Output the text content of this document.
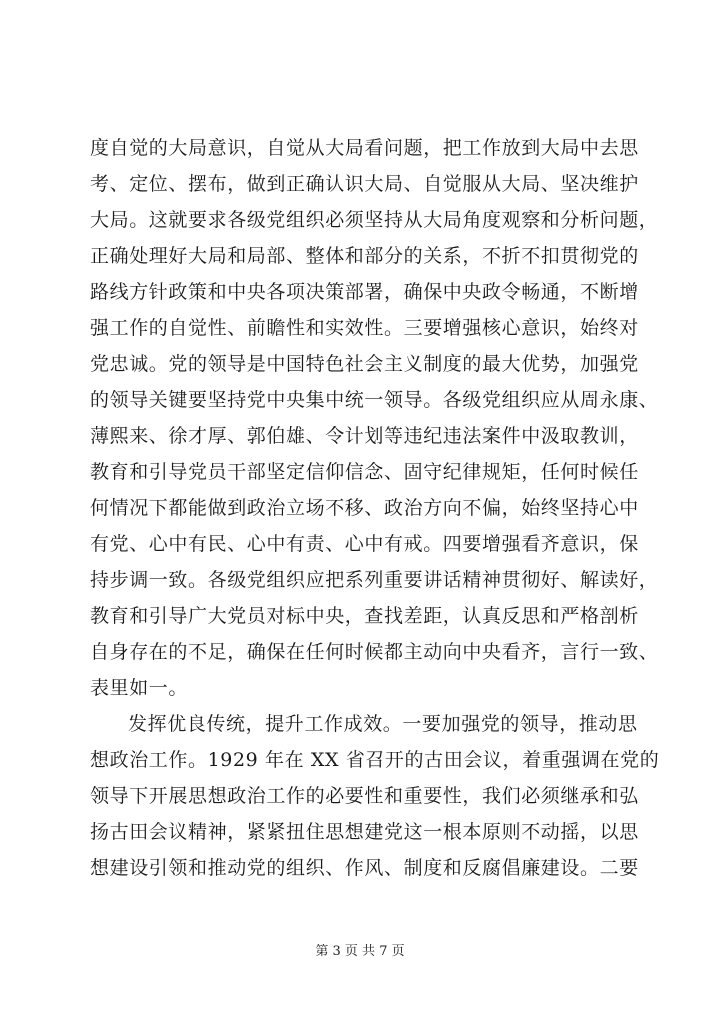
度自觉的大局意识，自觉从大局看问题，把工作放到大局中去思
考、定位、摆布，做到正确认识大局、自觉服从大局、坚决维护
大局。这就要求各级党组织必须坚持从大局角度观察和分析问题，
正确处理好大局和局部、整体和部分的关系，不折不扣贯彻党的
路线方针政策和中央各项决策部署，确保中央政令畅通，不断增
强工作的自觉性、前瞻性和实效性。三要增强核心意识，始终对
党忠诚。党的领导是中国特色社会主义制度的最大优势，加强党
的领导关键要坚持党中央集中统一领导。各级党组织应从周永康、
薄熙来、徐才厚、郭伯雄、令计划等违纪违法案件中汲取教训，
教育和引导党员干部坚定信仰信念、固守纪律规矩，任何时候任
何情况下都能做到政治立场不移、政治方向不偏，始终坚持心中
有党、心中有民、心中有责、心中有戒。四要增强看齐意识，保
持步调一致。各级党组织应把系列重要讲话精神贯彻好、解读好，
教育和引导广大党员对标中央，查找差距，认真反思和严格剖析
自身存在的不足，确保在任何时候都主动向中央看齐，言行一致、
表里如一。
发挥优良传统，提升工作成效。一要加强党的领导，推动思
想政治工作。1929 年在 XX 省召开的古田会议，着重强调在党的
领导下开展思想政治工作的必要性和重要性，我们必须继承和弘
扬古田会议精神，紧紧扭住思想建党这一根本原则不动摇，以思
想建设引领和推动党的组织、作风、制度和反腐倡廉建设。二要
第 3 页 共 7 页
